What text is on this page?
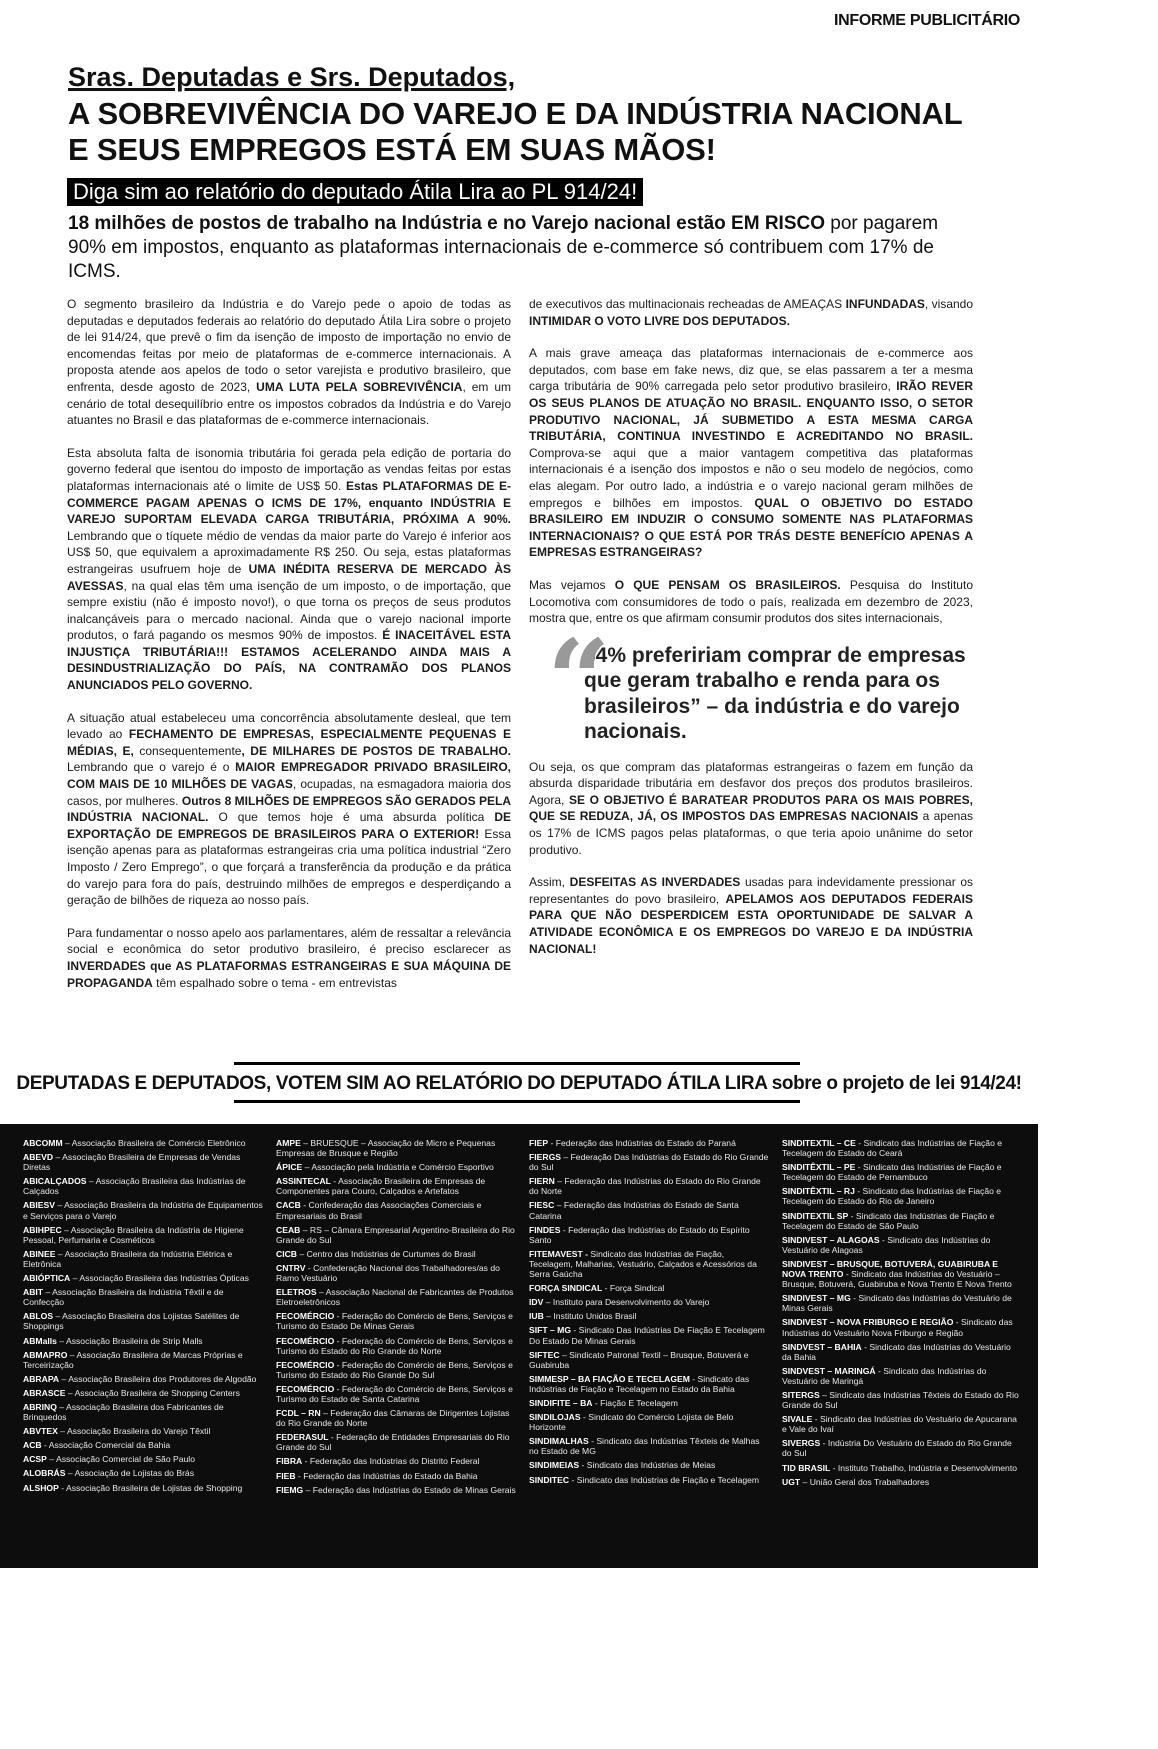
INFORME PUBLICITÁRIO
Sras. Deputadas e Srs. Deputados,
A SOBREVIVÊNCIA DO VAREJO E DA INDÚSTRIA NACIONAL E SEUS EMPREGOS ESTÁ EM SUAS MÃOS!
Diga sim ao relatório do deputado Átila Lira ao PL 914/24!
18 milhões de postos de trabalho na Indústria e no Varejo nacional estão EM RISCO por pagarem 90% em impostos, enquanto as plataformas internacionais de e-commerce só contribuem com 17% de ICMS.

O segmento brasileiro da Indústria e do Varejo pede o apoio de todas as deputadas e deputados federais ao relatório do deputado Átila Lira sobre o projeto de lei 914/24, que prevê o fim da isenção de imposto de importação no envio de encomendas feitas por meio de plataformas de e-commerce internacionais. A proposta atende aos apelos de todo o setor varejista e produtivo brasileiro, que enfrenta, desde agosto de 2023, UMA LUTA PELA SOBREVIVÊNCIA, em um cenário de total desequilíbrio entre os impostos cobrados da Indústria e do Varejo atuantes no Brasil e das plataformas de e-commerce internacionais.

Esta absoluta falta de isonomia tributária foi gerada pela edição de portaria do governo federal que isentou do imposto de importação as vendas feitas por estas plataformas internacionais até o limite de US$ 50. Estas PLATAFORMAS DE E-COMMERCE PAGAM APENAS O ICMS DE 17%, enquanto INDÚSTRIA E VAREJO SUPORTAM ELEVADA CARGA TRIBUTÁRIA, PRÓXIMA A 90%. Lembrando que o tíquete médio de vendas da maior parte do Varejo é inferior aos US$ 50, que equivalem a aproximadamente R$ 250. Ou seja, estas plataformas estrangeiras usufruem hoje de UMA INÉDITA RESERVA DE MERCADO ÀS AVESSAS, na qual elas têm uma isenção de um imposto, o de importação, que sempre existiu (não é imposto novo!), o que torna os preços de seus produtos inalcançáveis para o mercado nacional. Ainda que o varejo nacional importe produtos, o fará pagando os mesmos 90% de impostos. É INACEITÁVEL ESTA INJUSTIÇA TRIBUTÁRIA!!! ESTAMOS ACELERANDO AINDA MAIS A DESINDUSTRIALIZAÇÃO DO PAÍS, NA CONTRAMÃO DOS PLANOS ANUNCIADOS PELO GOVERNO.

A situação atual estabeleceu uma concorrência absolutamente desleal, que tem levado ao FECHAMENTO DE EMPRESAS, ESPECIALMENTE PEQUENAS E MÉDIAS, E, consequentemente, DE MILHARES DE POSTOS DE TRABALHO. Lembrando que o varejo é o MAIOR EMPREGADOR PRIVADO BRASILEIRO, COM MAIS DE 10 MILHÕES DE VAGAS, ocupadas, na esmagadora maioria dos casos, por mulheres. Outros 8 MILHÕES DE EMPREGOS SÃO GERADOS PELA INDÚSTRIA NACIONAL. O que temos hoje é uma absurda política DE EXPORTAÇÃO DE EMPREGOS DE BRASILEIROS PARA O EXTERIOR! Essa isenção apenas para as plataformas estrangeiras cria uma política industrial “Zero Imposto / Zero Emprego”, o que forçará a transferência da produção e da prática do varejo para fora do país, destruindo milhões de empregos e desperdiçando a geração de bilhões de riqueza ao nosso país.

Para fundamentar o nosso apelo aos parlamentares, além de ressaltar a relevância social e econômica do setor produtivo brasileiro, é preciso esclarecer as INVERDADES que AS PLATAFORMAS ESTRANGEIRAS E SUA MÁQUINA DE PROPAGANDA têm espalhado sobre o tema - em entrevistas

de executivos das multinacionais recheadas de AMEAÇAS INFUNDADAS, visando INTIMIDAR O VOTO LIVRE DOS DEPUTADOS.

A mais grave ameaça das plataformas internacionais de e-commerce aos deputados, com base em fake news, diz que, se elas passarem a ter a mesma carga tributária de 90% carregada pelo setor produtivo brasileiro, IRÃO REVER OS SEUS PLANOS DE ATUAÇÃO NO BRASIL. ENQUANTO ISSO, O SETOR PRODUTIVO NACIONAL, JÁ SUBMETIDO A ESTA MESMA CARGA TRIBUTÁRIA, CONTINUA INVESTINDO E ACREDITANDO NO BRASIL. Comprova-se aqui que a maior vantagem competitiva das plataformas internacionais é a isenção dos impostos e não o seu modelo de negócios, como elas alegam. Por outro lado, a indústria e o varejo nacional geram milhões de empregos e bilhões em impostos. QUAL O OBJETIVO DO ESTADO BRASILEIRO EM INDUZIR O CONSUMO SOMENTE NAS PLATAFORMAS INTERNACIONAIS? O QUE ESTÁ POR TRÁS DESTE BENEFÍCIO APENAS A EMPRESAS ESTRANGEIRAS?

Mas vejamos O QUE PENSAM OS BRASILEIROS. Pesquisa do Instituto Locomotiva com consumidores de todo o país, realizada em dezembro de 2023, mostra que, entre os que afirmam consumir produtos dos sites internacionais,

“
84% prefeririam comprar de empresas que geram trabalho e renda para os brasileiros” – da indústria e do varejo nacionais.

Ou seja, os que compram das plataformas estrangeiras o fazem em função da absurda disparidade tributária em desfavor dos preços dos produtos brasileiros. Agora, SE O OBJETIVO É BARATEAR PRODUTOS PARA OS MAIS POBRES, QUE SE REDUZA, JÁ, OS IMPOSTOS DAS EMPRESAS NACIONAIS a apenas os 17% de ICMS pagos pelas plataformas, o que teria apoio unânime do setor produtivo.

Assim, DESFEITAS AS INVERDADES usadas para indevidamente pressionar os representantes do povo brasileiro, APELAMOS AOS DEPUTADOS FEDERAIS PARA QUE NÃO DESPERDICEM ESTA OPORTUNIDADE DE SALVAR A ATIVIDADE ECONÔMICA E OS EMPREGOS DO VAREJO E DA INDÚSTRIA NACIONAL!

DEPUTADAS E DEPUTADOS, VOTEM SIM AO RELATÓRIO DO DEPUTADO ÁTILA LIRA sobre o projeto de lei 914/24!
ABCOMM – Associação Brasileira de Comércio Eletrônico
ABEVD – Associação Brasileira de Empresas de Vendas Diretas
ABICALÇADOS – Associação Brasileira das Indústrias de Calçados
ABIESV – Associação Brasileira da Indústria de Equipamentos e Serviços para o Varejo
ABIHPEC – Associação Brasileira da Indústria de Higiene Pessoal, Perfumaria e Cosméticos
ABINEE – Associação Brasileira da Indústria Elétrica e Eletrônica
ABIÓPTICA – Associação Brasileira das Indústrias Ópticas
ABIT – Associação Brasileira da Indústria Têxtil e de Confecção
ABLOS – Associação Brasileira dos Lojistas Satélites de Shoppings
ABMalls – Associação Brasileira de Strip Malls
ABMAPRO – Associação Brasileira de Marcas Próprias e Terceirização
ABRAPA – Associação Brasileira dos Produtores de Algodão
ABRASCE – Associação Brasileira de Shopping Centers
ABRINQ – Associação Brasileira dos Fabricantes de Brinquedos
ABVTEX – Associação Brasileira do Varejo Têxtil
ACB - Associação Comercial da Bahia
ACSP – Associação Comercial de São Paulo
ALOBRÁS – Associação de Lojistas do Brás
ALSHOP - Associação Brasileira de Lojistas de Shopping
AMPE – BRUESQUE – Associação de Micro e Pequenas Empresas de Brusque e Região
ÁPICE – Associação pela Indústria e Comércio Esportivo
ASSINTECAL - Associação Brasileira de Empresas de Componentes para Couro, Calçados e Artefatos
CACB - Confederação das Associações Comerciais e Empresariais do Brasil
CEAB – RS – Câmara Empresarial Argentino-Brasileira do Rio Grande do Sul
CICB – Centro das Indústrias de Curtumes do Brasil
CNTRV - Confederação Nacional dos Trabalhadores/as do Ramo Vestuário
ELETROS – Associação Nacional de Fabricantes de Produtos Eletroeletrônicos
FECOMÉRCIO - Federação do Comércio de Bens, Serviços e Turismo do Estado De Minas Gerais
FECOMÉRCIO - Federação do Comércio de Bens, Serviços e Turismo do Estado do Rio Grande do Norte
FECOMÉRCIO - Federação do Comércio de Bens, Serviços e Turismo do Estado do Rio Grande Do Sul
FECOMÉRCIO - Federação do Comércio de Bens, Serviços e Turismo do Estado de Santa Catarina
FCDL – RN – Federação das Câmaras de Dirigentes Lojistas do Rio Grande do Norte
FEDERASUL - Federação de Entidades Empresariais do Rio Grande do Sul
FIBRA - Federação das Indústrias do Distrito Federal
FIEB - Federação das Indústrias do Estado da Bahia
FIEMG – Federação das Indústrias do Estado de Minas Gerais
FIEP - Federação das Indústrias do Estado do Paraná
FIERGS – Federação Das Indústrias do Estado do Rio Grande do Sul
FIERN – Federação das Indústrias do Estado do Rio Grande do Norte
FIESC – Federação das Indústrias do Estado de Santa Catarina
FINDES - Federação das Indústrias do Estado do Espírito Santo
FITEMAVEST - Sindicato das Indústrias de Fiação, Tecelagem, Malharias, Vestuário, Calçados e Acessórios da Serra Gaúcha
FORÇA SINDICAL - Força Sindical
IDV – Instituto para Desenvolvimento do Varejo
IUB – Instituto Unidos Brasil
SIFT – MG - Sindicato Das Indústrias De Fiação E Tecelagem Do Estado De Minas Gerais
SIFTEC – Sindicato Patronal Textil – Brusque, Botuverá e Guabiruba
SIMMESP – BA FIAÇÃO E TECELAGEM - Sindicato das Indústrias de Fiação e Tecelagem no Estado da Bahia
SINDIFITE – BA - Fiação E Tecelagem
SINDILOJAS - Sindicato do Comércio Lojista de Belo Horizonte
SINDIMALHAS - Sindicato das Indústrias Têxteis de Malhas no Estado de MG
SINDIMEIAS - Sindicato das Indústrias de Meias
SINDITEC - Sindicato das Indústrias de Fiação e Tecelagem
SINDITEXTIL – CE - Sindicato das Indústrias de Fiação e Tecelagem do Estado do Ceará
SINDITÊXTIL – PE - Sindicato das Indústrias de Fiação e Tecelagem do Estado de Pernambuco
SINDITÊXTIL – RJ - Sindicato das Indústrias de Fiação e Tecelagem do Estado do Rio de Janeiro
SINDITEXTIL SP - Sindicato das Indústrias de Fiação e Tecelagem do Estado de São Paulo
SINDIVEST – ALAGOAS - Sindicato das Indústrias do Vestuário de Alagoas
SINDIVEST – BRUSQUE, BOTUVERÁ, GUABIRUBA E NOVA TRENTO - Sindicato das Indústrias do Vestuário – Brusque, Botuverá, Guabiruba e Nova Trento E Nova Trento
SINDIVEST – MG - Sindicato das Indústrias do Vestuário de Minas Gerais
SINDIVEST – NOVA FRIBURGO E REGIÃO - Sindicato das Indústrias do Vestuário Nova Friburgo e Região
SINDVEST – BAHIA - Sindicato das Indústrias do Vestuário da Bahia
SINDVEST – MARINGÁ - Sindicato das Indústrias do Vestuário de Maringá
SITERGS – Sindicato das Indústrias Têxteis do Estado do Rio Grande do Sul
SIVALE - Sindicato das Indústrias do Vestuário de Apucarana e Vale do Ivaí
SIVERGS - Indústria Do Vestuário do Estado do Rio Grande do Sul
TID BRASIL - Instituto Trabalho, Indústria e Desenvolvimento
UGT – União Geral dos Trabalhadores
